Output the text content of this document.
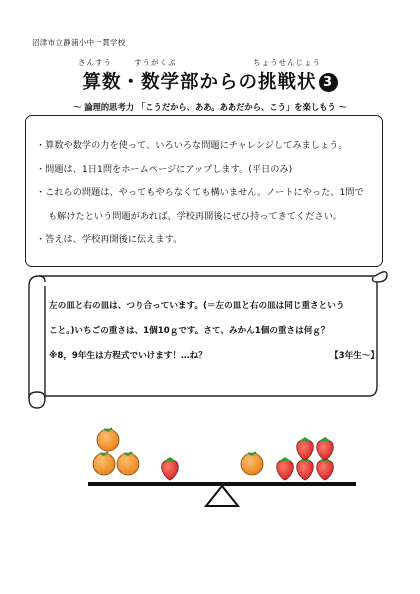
沼津市立静浦小中一貫学校
さんすう	すうがくぶ	ちょうせんじょう
算数・数学部からの挑戦状 3
～ 論理的思考力 「こうだから、ああ。ああだから、こう」を楽しもう ～
・算数や数学の力を使って、いろいろな問題にチャレンジしてみましょう。
・問題は、1日1問をホームページにアップします。(平日のみ)
・これらの問題は、やってもやらなくても構いません。ノートにやった、1問で
も解けたという問題があれば、学校再開後にぜひ持ってきてください。
・答えは、学校再開後に伝えます。
左の皿と右の皿は、つり合っています。(＝左の皿と右の皿は同じ重さという
こと。)いちごの重さは、1個10ｇです。さて、みかん1個の重さは何ｇ？
※8，9年生は方程式でいけます！…ね？	【3年生～】
